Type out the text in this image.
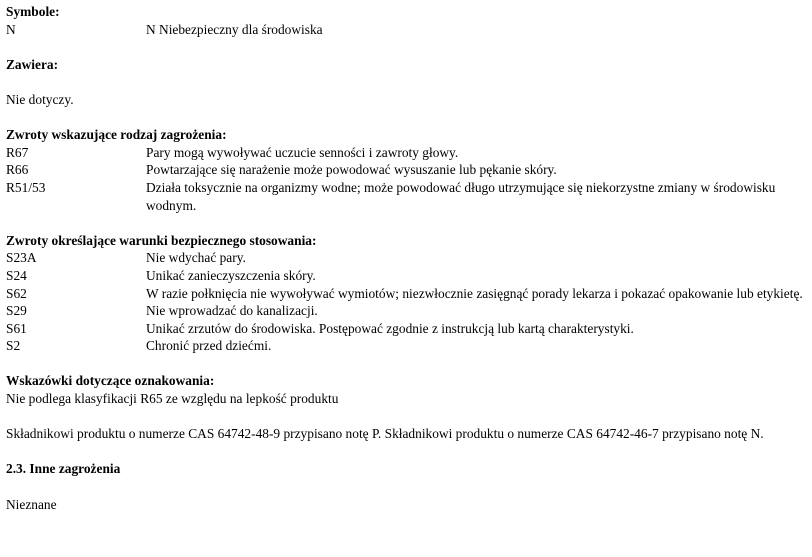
Symbole:
N	N Niebezpieczny dla środowiska
Zawiera:
Nie dotyczy.
Zwroty wskazujące rodzaj zagrożenia:
R67	Pary mogą wywoływać uczucie senności i zawroty głowy.
R66	Powtarzające się narażenie może powodować wysuszanie lub pękanie skóry.
R51/53	Działa toksycznie na organizmy wodne; może powodować długo utrzymujące się niekorzystne zmiany w środowisku wodnym.
Zwroty określające warunki bezpiecznego stosowania:
S23A	Nie wdychać pary.
S24	Unikać zanieczyszczenia skóry.
S62	W razie połknięcia nie wywoływać wymiotów; niezwłocznie zasięgnąć porady lekarza i pokazać opakowanie lub etykietę.
S29	Nie wprowadzać do kanalizacji.
S61	Unikać zrzutów do środowiska. Postępować zgodnie z instrukcją lub kartą charakterystyki.
S2	Chronić przed dziećmi.
Wskazówki dotyczące oznakowania:
Nie podlega klasyfikacji R65 ze względu na lepkość produktu
Składnikowi produktu o numerze CAS 64742-48-9 przypisano notę P. Składnikowi produktu o numerze CAS 64742-46-7 przypisano notę N.
2.3. Inne zagrożenia
Nieznane
